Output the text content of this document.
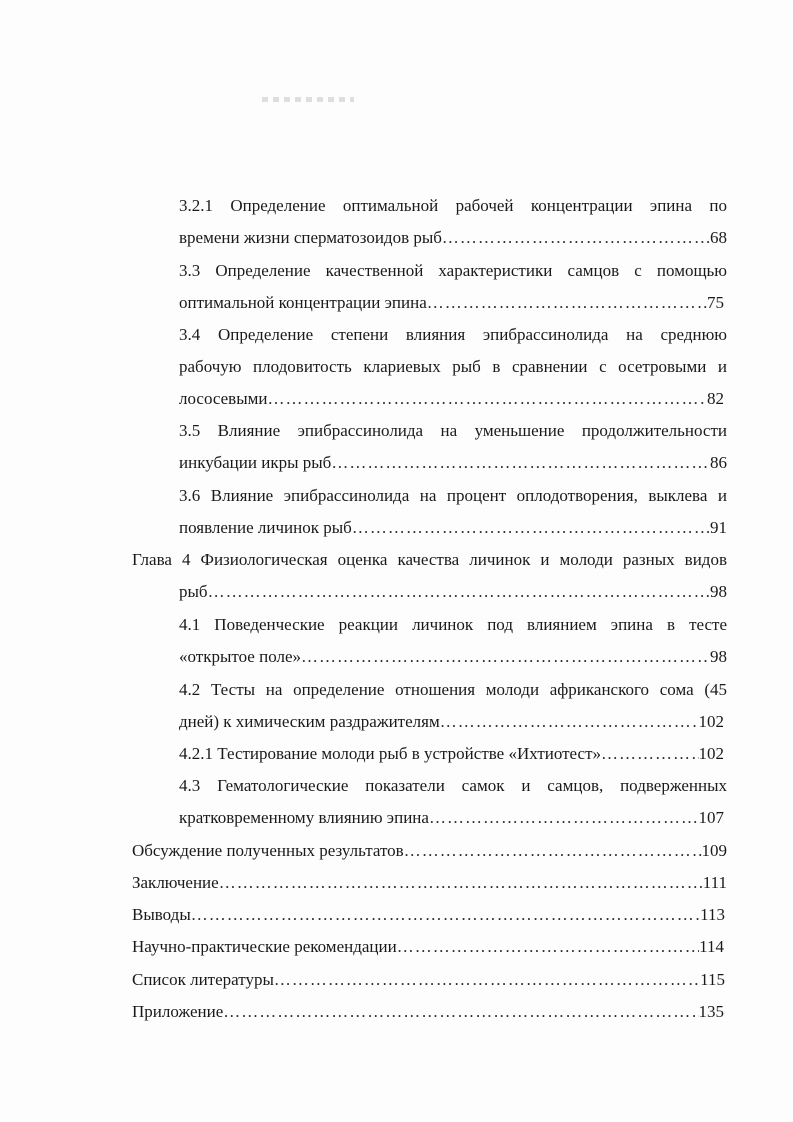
3.2.1 Определение оптимальной рабочей концентрации эпина по
времени жизни сперматозоидов рыб …………………………………………………………………………………………………………………………………………………………………………	68
3.3 Определение качественной характеристики самцов с помощью
оптимальной концентрации эпина …………………………………………………………………………………………………………………………………………………………………………	75
3.4 Определение степени влияния эпибрассинолида на среднюю
рабочую плодовитость клариевых рыб в сравнении с осетровыми и
лососевыми …………………………………………………………………………………………………………………………………………………………………………	82
3.5 Влияние эпибрассинолида на уменьшение продолжительности
инкубации икры рыб …………………………………………………………………………………………………………………………………………………………………………	86
3.6 Влияние эпибрассинолида на процент оплодотворения, выклева и
появление личинок рыб …………………………………………………………………………………………………………………………………………………………………………	91
Глава 4 Физиологическая оценка качества личинок и молоди разных видов
рыб …………………………………………………………………………………………………………………………………………………………………………	98
4.1 Поведенческие реакции личинок под влиянием эпина в тесте
«открытое поле» …………………………………………………………………………………………………………………………………………………………………………	98
4.2 Тесты на определение отношения молоди африканского сома (45
дней) к химическим раздражителям …………………………………………………………………………………………………………………………………………………………………………	102
4.2.1 Тестирование молоди рыб в устройстве «Ихтиотест» …………………………………………………………………………………………………………………………………………………………………………	102
4.3 Гематологические показатели самок и самцов, подверженных
кратковременному влиянию эпина …………………………………………………………………………………………………………………………………………………………………………	107
Обсуждение полученных результатов …………………………………………………………………………………………………………………………………………………………………………	109
Заключение …………………………………………………………………………………………………………………………………………………………………………	111
Выводы …………………………………………………………………………………………………………………………………………………………………………	113
Научно-практические рекомендации …………………………………………………………………………………………………………………………………………………………………………	114
Список литературы …………………………………………………………………………………………………………………………………………………………………………	115
Приложение …………………………………………………………………………………………………………………………………………………………………………	135
